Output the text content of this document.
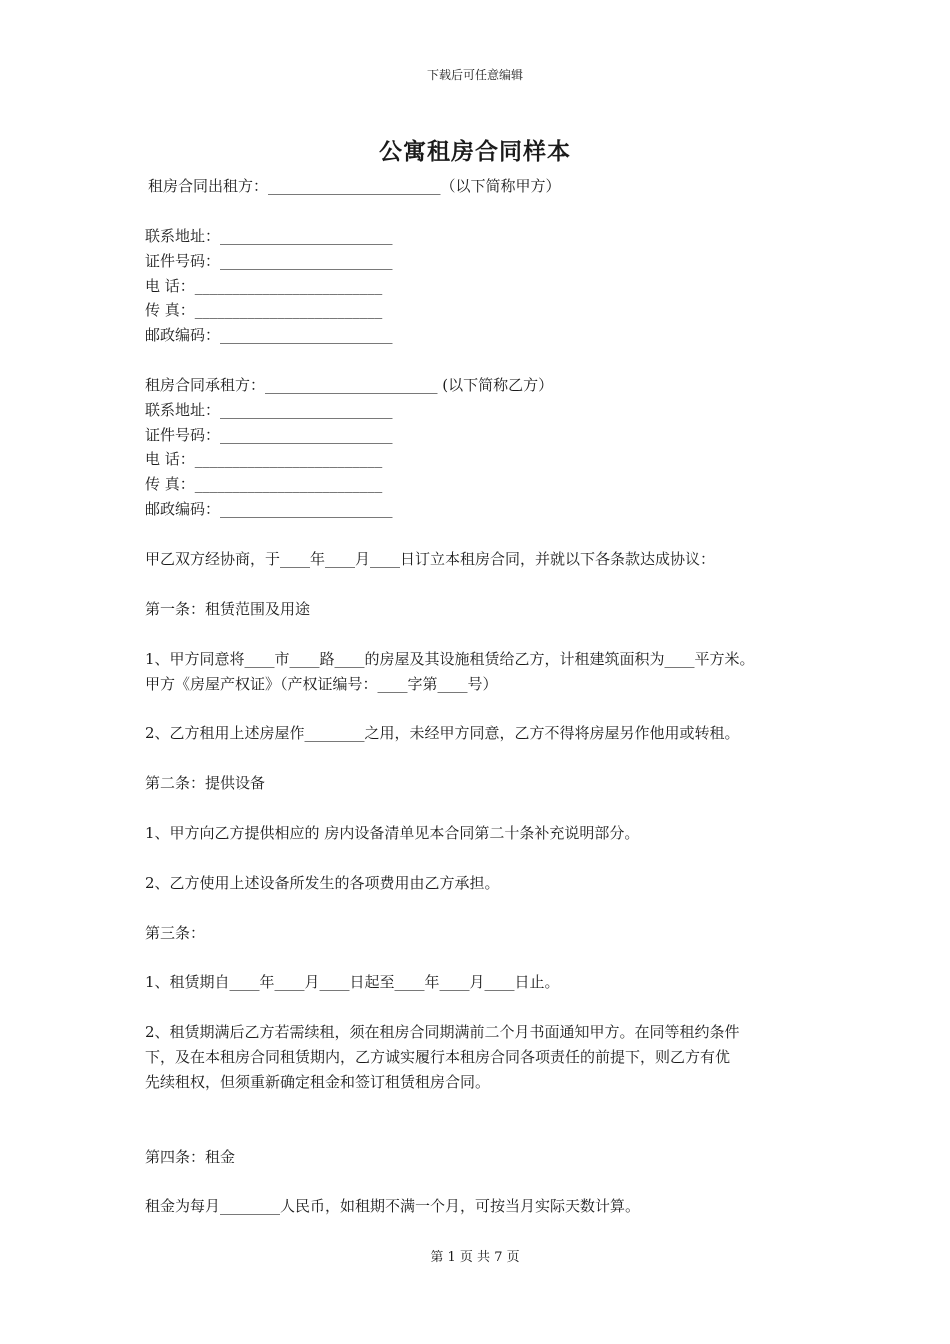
下载后可任意编辑
公寓租房合同样本
租房合同出租方：_______________________（以下简称甲方）
联系地址：_______________________
证件号码：_______________________
电 话：_________________________
传 真：_________________________
邮政编码：_______________________
租房合同承租方：_______________________ (以下简称乙方）
联系地址：_______________________
证件号码：_______________________
电 话：_________________________
传 真：_________________________
邮政编码：_______________________
甲乙双方经协商，于____年____月____日订立本租房合同，并就以下各条款达成协议：
第一条：租赁范围及用途
1、甲方同意将____市____路____的房屋及其设施租赁给乙方，计租建筑面积为____平方米。
甲方《房屋产权证》（产权证编号：____字第____号）
2、乙方租用上述房屋作________之用，未经甲方同意，乙方不得将房屋另作他用或转租。
第二条：提供设备
1、甲方向乙方提供相应的 房内设备清单见本合同第二十条补充说明部分。
2、乙方使用上述设备所发生的各项费用由乙方承担。
第三条：
1、租赁期自____年____月____日起至____年____月____日止。
2、租赁期满后乙方若需续租，须在租房合同期满前二个月书面通知甲方。在同等租约条件
下，及在本租房合同租赁期内，乙方诚实履行本租房合同各项责任的前提下，则乙方有优
先续租权，但须重新确定租金和签订租赁租房合同。
第四条：租金
租金为每月________人民币，如租期不满一个月，可按当月实际天数计算。
第 1 页 共 7 页
